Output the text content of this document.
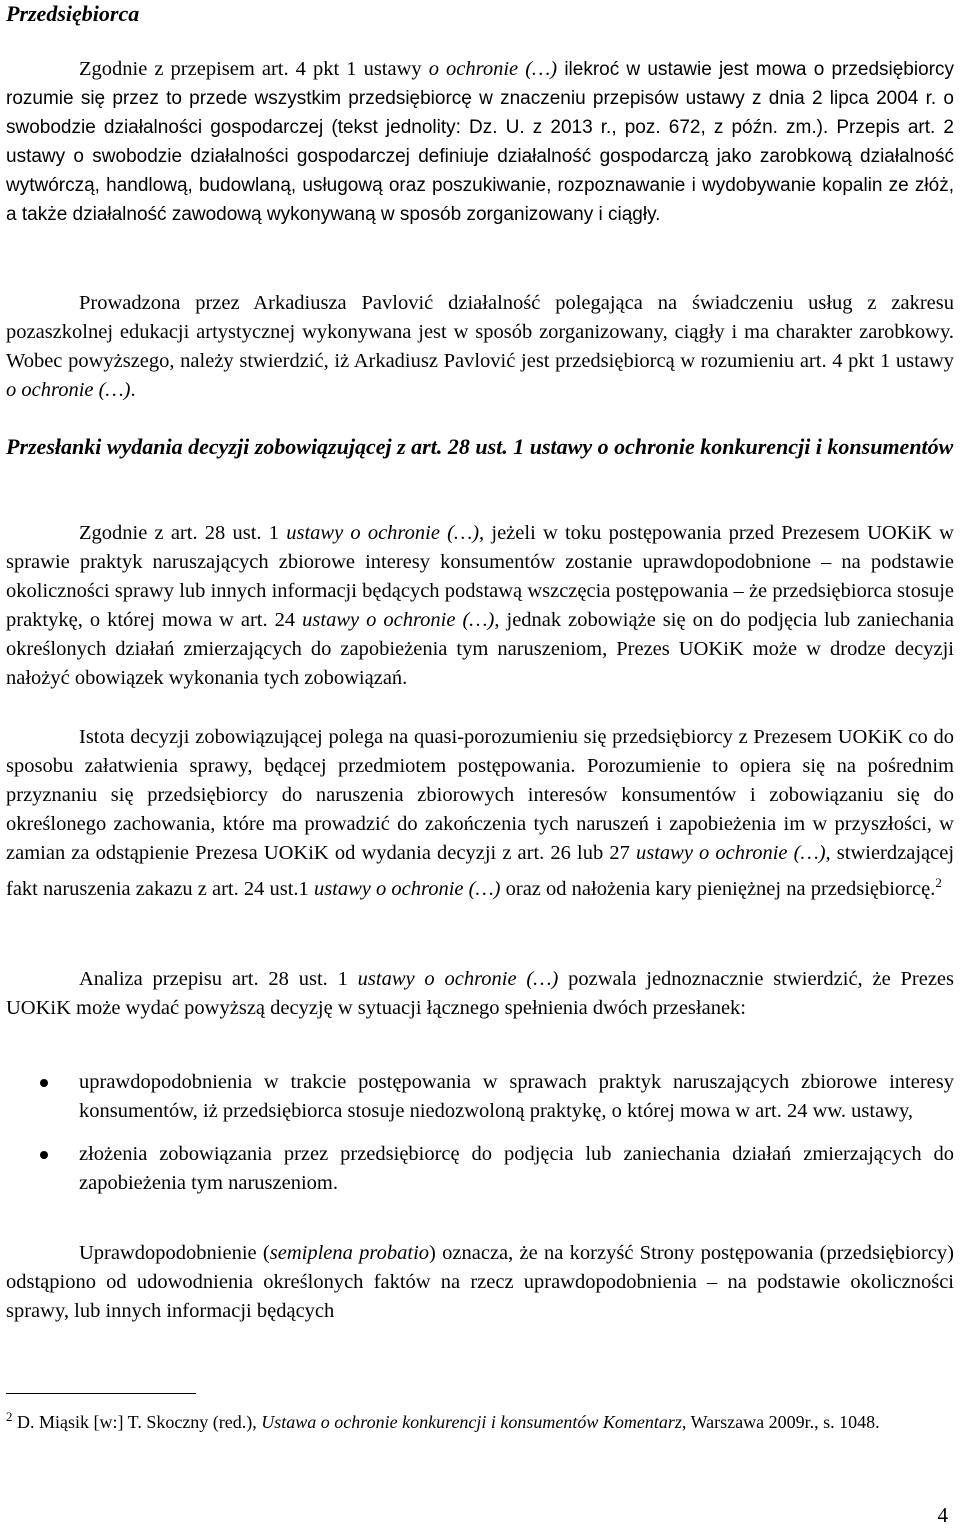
Przedsiębiorca

Zgodnie z przepisem art. 4 pkt 1 ustawy o ochronie (…) ilekroć w ustawie jest mowa o przedsiębiorcy rozumie się przez to przede wszystkim przedsiębiorcę w znaczeniu przepisów ustawy z dnia 2 lipca 2004 r. o swobodzie działalności gospodarczej (tekst jednolity: Dz. U. z 2013 r., poz. 672, z późn. zm.). Przepis art. 2 ustawy o swobodzie działalności gospodarczej definiuje działalność gospodarczą jako zarobkową działalność wytwórczą, handlową, budowlaną, usługową oraz poszukiwanie, rozpoznawanie i wydobywanie kopalin ze złóż, a także działalność zawodową wykonywaną w sposób zorganizowany i ciągły.

Prowadzona przez Arkadiusza Pavlović działalność polegająca na świadczeniu usług z zakresu pozaszkolnej edukacji artystycznej wykonywana jest w sposób zorganizowany, ciągły i ma charakter zarobkowy. Wobec powyższego, należy stwierdzić, iż Arkadiusz Pavlović jest przedsiębiorcą w rozumieniu art. 4 pkt 1 ustawy o ochronie (…).

Przesłanki wydania decyzji zobowiązującej z art. 28 ust. 1 ustawy o ochronie konkurencji i konsumentów

Zgodnie z art. 28 ust. 1 ustawy o ochronie (…), jeżeli w toku postępowania przed Prezesem UOKiK w sprawie praktyk naruszających zbiorowe interesy konsumentów zostanie uprawdopodobnione – na podstawie okoliczności sprawy lub innych informacji będących podstawą wszczęcia postępowania – że przedsiębiorca stosuje praktykę, o której mowa w art. 24 ustawy o ochronie (…), jednak zobowiąże się on do podjęcia lub zaniechania określonych działań zmierzających do zapobieżenia tym naruszeniom, Prezes UOKiK może w drodze decyzji nałożyć obowiązek wykonania tych zobowiązań.

Istota decyzji zobowiązującej polega na quasi-porozumieniu się przedsiębiorcy z Prezesem UOKiK co do sposobu załatwienia sprawy, będącej przedmiotem postępowania. Porozumienie to opiera się na pośrednim przyznaniu się przedsiębiorcy do naruszenia zbiorowych interesów konsumentów i zobowiązaniu się do określonego zachowania, które ma prowadzić do zakończenia tych naruszeń i zapobieżenia im w przyszłości, w zamian za odstąpienie Prezesa UOKiK od wydania decyzji z art. 26 lub 27 ustawy o ochronie (…), stwierdzającej fakt naruszenia zakazu z art. 24 ust.1 ustawy o ochronie (…) oraz od nałożenia kary pieniężnej na przedsiębiorcę.$^2$

Analiza przepisu art. 28 ust. 1 ustawy o ochronie (…) pozwala jednoznacznie stwierdzić, że Prezes UOKiK może wydać powyższą decyzję w sytuacji łącznego spełnienia dwóch przesłanek:

uprawdopodobnienia w trakcie postępowania w sprawach praktyk naruszających zbiorowe interesy konsumentów, iż przedsiębiorca stosuje niedozwoloną praktykę, o której mowa w art. 24 ww. ustawy,
złożenia zobowiązania przez przedsiębiorcę do podjęcia lub zaniechania działań zmierzających do zapobieżenia tym naruszeniom.

Uprawdopodobnienie (semiplena probatio) oznacza, że na korzyść Strony postępowania (przedsiębiorcy) odstąpiono od udowodnienia określonych faktów na rzecz uprawdopodobnienia – na podstawie okoliczności sprawy, lub innych informacji będących

$^2$ D. Miąsik [w:] T. Skoczny (red.), Ustawa o ochronie konkurencji i konsumentów Komentarz, Warszawa 2009r., s. 1048.

4
